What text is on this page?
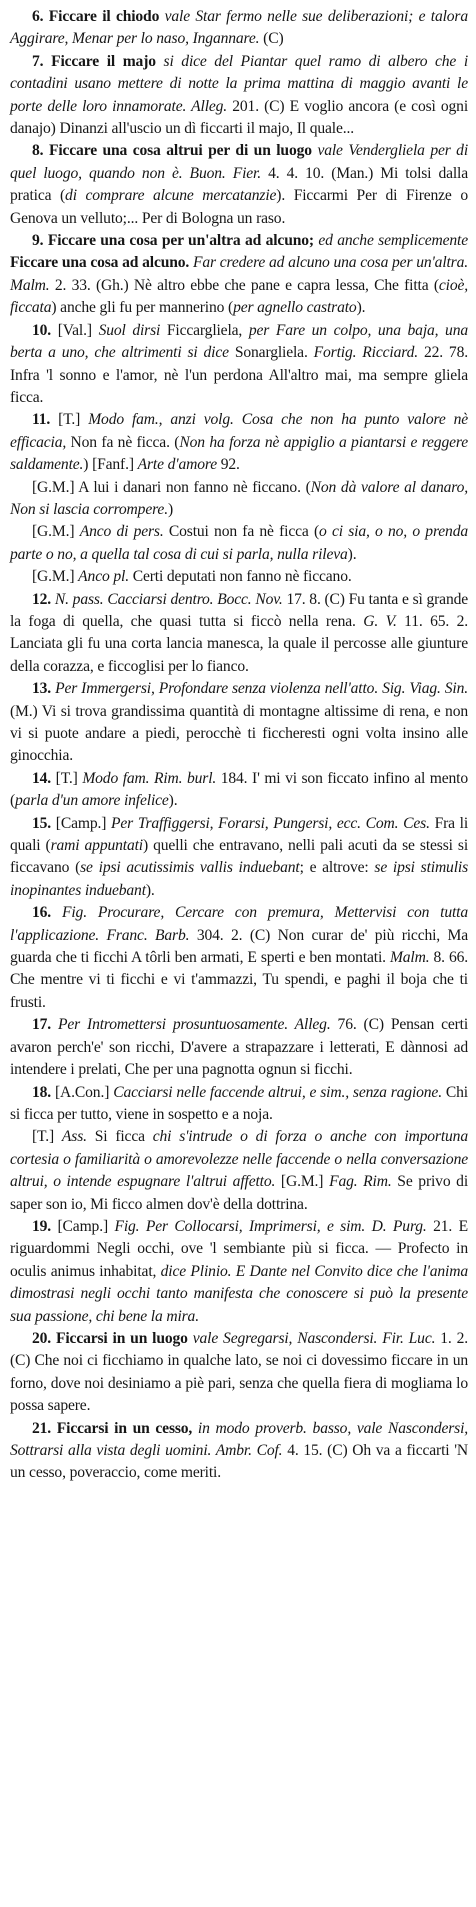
6. Ficcare il chiodo vale Star fermo nelle sue deliberazioni; e talora Aggirare, Menar per lo naso, Ingannare. (C)

7. Ficcare il majo si dice del Piantar quel ramo di albero che i contadini usano mettere di notte la prima mattina di maggio avanti le porte delle loro innamorate. Alleg. 201. (C) E voglio ancora (e così ogni danajo) Dinanzi all'uscio un dì ficcarti il majo, Il quale...

8. Ficcare una cosa altrui per di un luogo vale Vendergliela per di quel luogo, quando non è. Buon. Fier. 4. 4. 10. (Man.) Mi tolsi dalla pratica (di comprare alcune mercatanzie). Ficcarmi Per di Firenze o Genova un velluto;... Per di Bologna un raso.

9. Ficcare una cosa per un'altra ad alcuno; ed anche semplicemente Ficcare una cosa ad alcuno. Far credere ad alcuno una cosa per un'altra. Malm. 2. 33. (Gh.) Nè altro ebbe che pane e capra lessa, Che fitta (cioè, ficcata) anche gli fu per mannerino (per agnello castrato).

10. [Val.] Suol dirsi Ficcargliela, per Fare un colpo, una baja, una berta a uno, che altrimenti si dice Sonargliela. Fortig. Ricciard. 22. 78. Infra 'l sonno e l'amor, nè l'un perdona All'altro mai, ma sempre gliela ficca.

11. [T.] Modo fam., anzi volg. Cosa che non ha punto valore nè efficacia, Non fa nè ficca. (Non ha forza nè appiglio a piantarsi e reggere saldamente.) [Fanf.] Arte d'amore 92.

[G.M.] A lui i danari non fanno nè ficcano. (Non dà valore al danaro, Non si lascia corrompere.)

[G.M.] Anco di pers. Costui non fa nè ficca (o ci sia, o no, o prenda parte o no, a quella tal cosa di cui si parla, nulla rileva).

[G.M.] Anco pl. Certi deputati non fanno nè ficcano.

12. N. pass. Cacciarsi dentro. Bocc. Nov. 17. 8. (C) Fu tanta e sì grande la foga di quella, che quasi tutta si ficcò nella rena. G. V. 11. 65. 2. Lanciata gli fu una corta lancia manesca, la quale il percosse alle giunture della corazza, e ficcoglisi per lo fianco.

13. Per Immergersi, Profondare senza violenza nell'atto. Sig. Viag. Sin. (M.) Vi si trova grandissima quantità di montagne altissime di rena, e non vi si puote andare a piedi, perocchè ti ficcheresti ogni volta insino alle ginocchia.

14. [T.] Modo fam. Rim. burl. 184. I' mi vi son ficcato infino al mento (parla d'un amore infelice).

15. [Camp.] Per Traffiggersi, Forarsi, Pungersi, ecc. Com. Ces. Fra li quali (rami appuntati) quelli che entravano, nelli pali acuti da se stessi si ficcavano (se ipsi acutissimis vallis induebant; e altrove: se ipsi stimulis inopinantes induebant).

16. Fig. Procurare, Cercare con premura, Mettervisi con tutta l'applicazione. Franc. Barb. 304. 2. (C) Non curar de' più ricchi, Ma guarda che ti ficchi A tôrli ben armati, E sperti e ben montati. Malm. 8. 66. Che mentre vi ti ficchi e vi t'ammazzi, Tu spendi, e paghi il boja che ti frusti.

17. Per Intromettersi prosuntuosamente. Alleg. 76. (C) Pensan certi avaron perch'e' son ricchi, D'avere a strapazzare i letterati, E dànnosi ad intendere i prelati, Che per una pagnotta ognun si ficchi.

18. [A.Con.] Cacciarsi nelle faccende altrui, e sim., senza ragione. Chi si ficca per tutto, viene in sospetto e a noja.

[T.] Ass. Si ficca chi s'intrude o di forza o anche con importuna cortesia o familiarità o amorevolezze nelle faccende o nella conversazione altrui, o intende espugnare l'altrui affetto. [G.M.] Fag. Rim. Se privo di saper son io, Mi ficco almen dov'è della dottrina.

19. [Camp.] Fig. Per Collocarsi, Imprimersi, e sim. D. Purg. 21. E riguardommi Negli occhi, ove 'l sembiante più si ficca. — Profecto in oculis animus inhabitat, dice Plinio. E Dante nel Convito dice che l'anima dimostrasi negli occhi tanto manifesta che conoscere si può la presente sua passione, chi bene la mira.

20. Ficcarsi in un luogo vale Segregarsi, Nascondersi. Fir. Luc. 1. 2. (C) Che noi ci ficchiamo in qualche lato, se noi ci dovessimo ficcare in un forno, dove noi desiniamo a piè pari, senza che quella fiera di mogliama lo possa sapere.

21. Ficcarsi in un cesso, in modo proverb. basso, vale Nascondersi, Sottrarsi alla vista degli uomini. Ambr. Cof. 4. 15. (C) Oh va a ficcarti 'N un cesso, poveraccio, come meriti.
